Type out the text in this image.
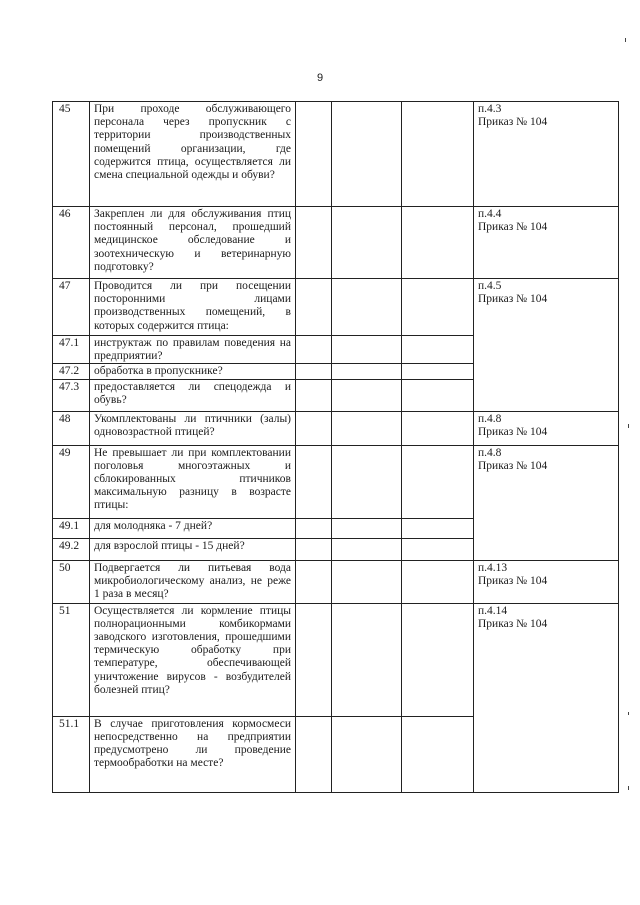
9
45	При проходе обслуживающего персонала через пропускник с территории производственных помещений организации, где содержится птица, осуществляется ли смена специальной одежды и обуви?				п.4.3
Приказ № 104

46	Закреплен ли для обслуживания птиц постоянный персонал, прошедший медицинское обследование и зоотехническую и ветеринарную подготовку?				п.4.4
Приказ № 104

47	Проводится ли при посещении посторонними лицами производственных помещений, в которых содержится птица:				п.4.5
Приказ № 104

47.1	инструктаж по правилам поведения на предприятии?				
47.2	обработка в пропускнике?				
47.3	предоставляется ли спецодежда и обувь?				
48	Укомплектованы ли птичники (залы) одновозрастной птицей?				п.4.8
Приказ № 104

49	Не превышает ли при комплектовании поголовья многоэтажных и сблокированных птичников максимальную разницу в возрасте птицы:				п.4.8
Приказ № 104

49.1	для молодняка - 7 дней?				
49.2	для взрослой птицы - 15 дней?				
50	Подвергается ли питьевая вода микробиологическому анализ, не реже 1 раза в месяц?				п.4.13
Приказ № 104

51	Осуществляется ли кормление птицы полнорационными комбикормами заводского изготовления, прошедшими термическую обработку при температуре, обеспечивающей уничтожение вирусов - возбудителей болезней птиц?				п.4.14
Приказ № 104

51.1	В случае приготовления кормосмеси непосредственно на предприятии предусмотрено ли проведение термообработки на месте?				
